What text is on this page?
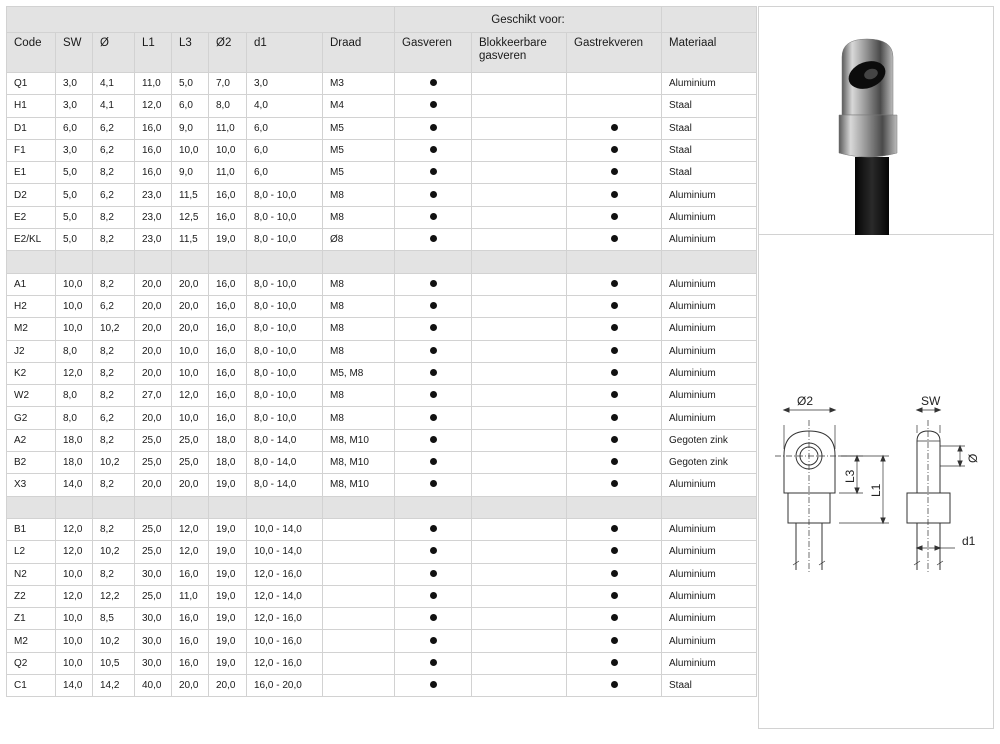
								Geschikt voor:			
Code	SW	Ø	L1	L3	Ø2	d1	Draad	Gasveren	Blokkeerbare gasveren	Gastrekveren	Materiaal
Q1	3,0	4,1	11,0	5,0	7,0	3,0	M3				Aluminium
H1	3,0	4,1	12,0	6,0	8,0	4,0	M4				Staal
D1	6,0	6,2	16,0	9,0	11,0	6,0	M5				Staal
F1	3,0	6,2	16,0	10,0	10,0	6,0	M5				Staal
E1	5,0	8,2	16,0	9,0	11,0	6,0	M5				Staal
D2	5,0	6,2	23,0	11,5	16,0	8,0 - 10,0	M8				Aluminium
E2	5,0	8,2	23,0	12,5	16,0	8,0 - 10,0	M8				Aluminium
E2/KL	5,0	8,2	23,0	11,5	19,0	8,0 - 10,0	Ø8				Aluminium

A1	10,0	8,2	20,0	20,0	16,0	8,0 - 10,0	M8				Aluminium
H2	10,0	6,2	20,0	20,0	16,0	8,0 - 10,0	M8				Aluminium
M2	10,0	10,2	20,0	20,0	16,0	8,0 - 10,0	M8				Aluminium
J2	8,0	8,2	20,0	10,0	16,0	8,0 - 10,0	M8				Aluminium
K2	12,0	8,2	20,0	10,0	16,0	8,0 - 10,0	M5, M8				Aluminium
W2	8,0	8,2	27,0	12,0	16,0	8,0 - 10,0	M8				Aluminium
G2	8,0	6,2	20,0	10,0	16,0	8,0 - 10,0	M8				Aluminium
A2	18,0	8,2	25,0	25,0	18,0	8,0 - 14,0	M8, M10				Gegoten zink
B2	18,0	10,2	25,0	25,0	18,0	8,0 - 14,0	M8, M10				Gegoten zink
X3	14,0	8,2	20,0	20,0	19,0	8,0 - 14,0	M8, M10				Aluminium

B1	12,0	8,2	25,0	12,0	19,0	10,0 - 14,0					Aluminium
L2	12,0	10,2	25,0	12,0	19,0	10,0 - 14,0					Aluminium
N2	10,0	8,2	30,0	16,0	19,0	12,0 - 16,0					Aluminium
Z2	12,0	12,2	25,0	11,0	19,0	12,0 - 14,0					Aluminium
Z1	10,0	8,5	30,0	16,0	19,0	12,0 - 16,0					Aluminium
M2	10,0	10,2	30,0	16,0	19,0	10,0 - 16,0					Aluminium
Q2	10,0	10,5	30,0	16,0	19,0	12,0 - 16,0					Aluminium
C1	14,0	14,2	40,0	20,0	20,0	16,0 - 20,0					Staal
Ø2
L3
L1
SW
Ø
d1
